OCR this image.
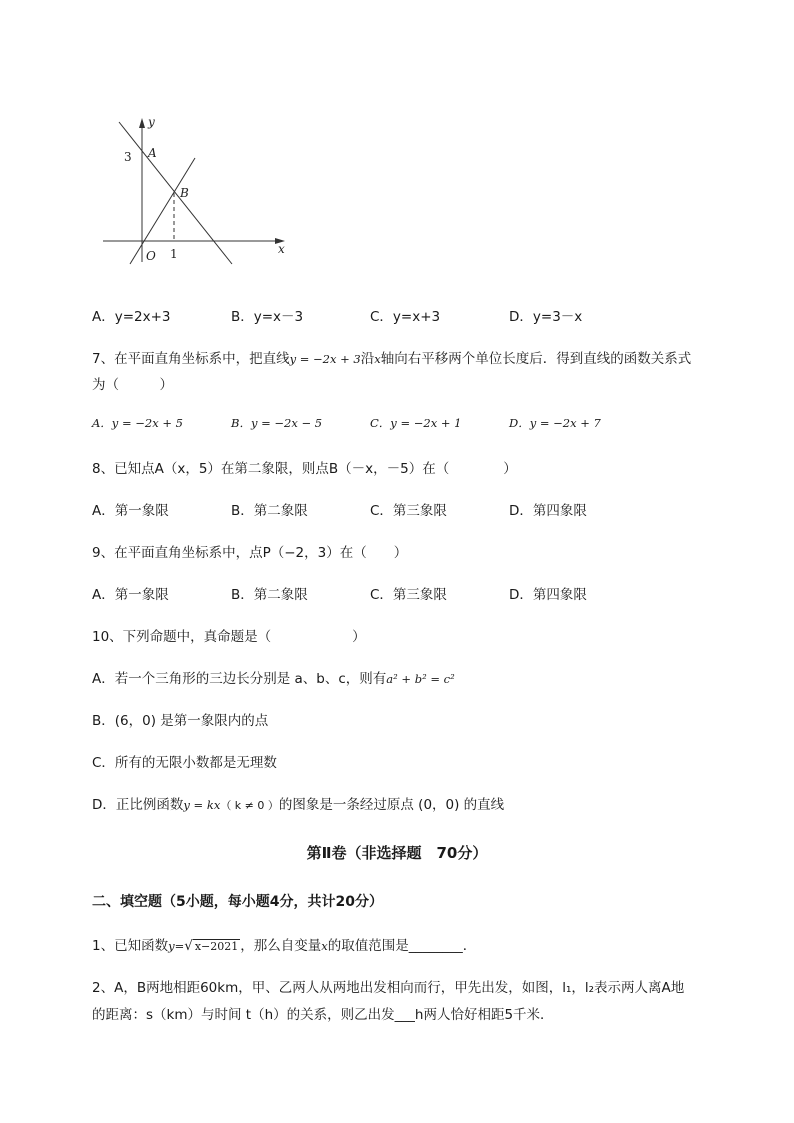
y
3 A
B
1
O	x
A．y=2x+3	B．y=x－3	C．y=x+3	D．y=3－x
7、在平面直角坐标系中，把直线y = −2x + 3沿x轴向右平移两个单位长度后．得到直线的函数关系式
为（　　　）
A．y = −2x + 5	B．y = −2x − 5	C．y = −2x + 1	D．y = −2x + 7
8、已知点A（x，5）在第二象限，则点B（－x，－5）在（　　　　）
A．第一象限	B．第二象限	C．第三象限	D．第四象限
9、在平面直角坐标系中，点P（−2，3）在（　　）
A．第一象限	B．第二象限	C．第三象限	D．第四象限
10、下列命题中，真命题是（　　　　　　）
A．若一个三角形的三边长分别是 a、b、c，则有a² + b² = c²
B．(6，0) 是第一象限内的点
C．所有的无限小数都是无理数
D．正比例函数y = kx（ k ≠ 0 ）的图象是一条经过原点 (0，0) 的直线
第Ⅱ卷（非选择题　70分）
二、填空题（5小题，每小题4分，共计20分）
1、已知函数y=√ x−2021 ，那么自变量x的取值范围是________．
2、A，B两地相距60km，甲、乙两人从两地出发相向而行，甲先出发，如图，l₁，l₂表示两人离A地
的距离：s（km）与时间 t（h）的关系，则乙出发___h两人恰好相距5千米．
